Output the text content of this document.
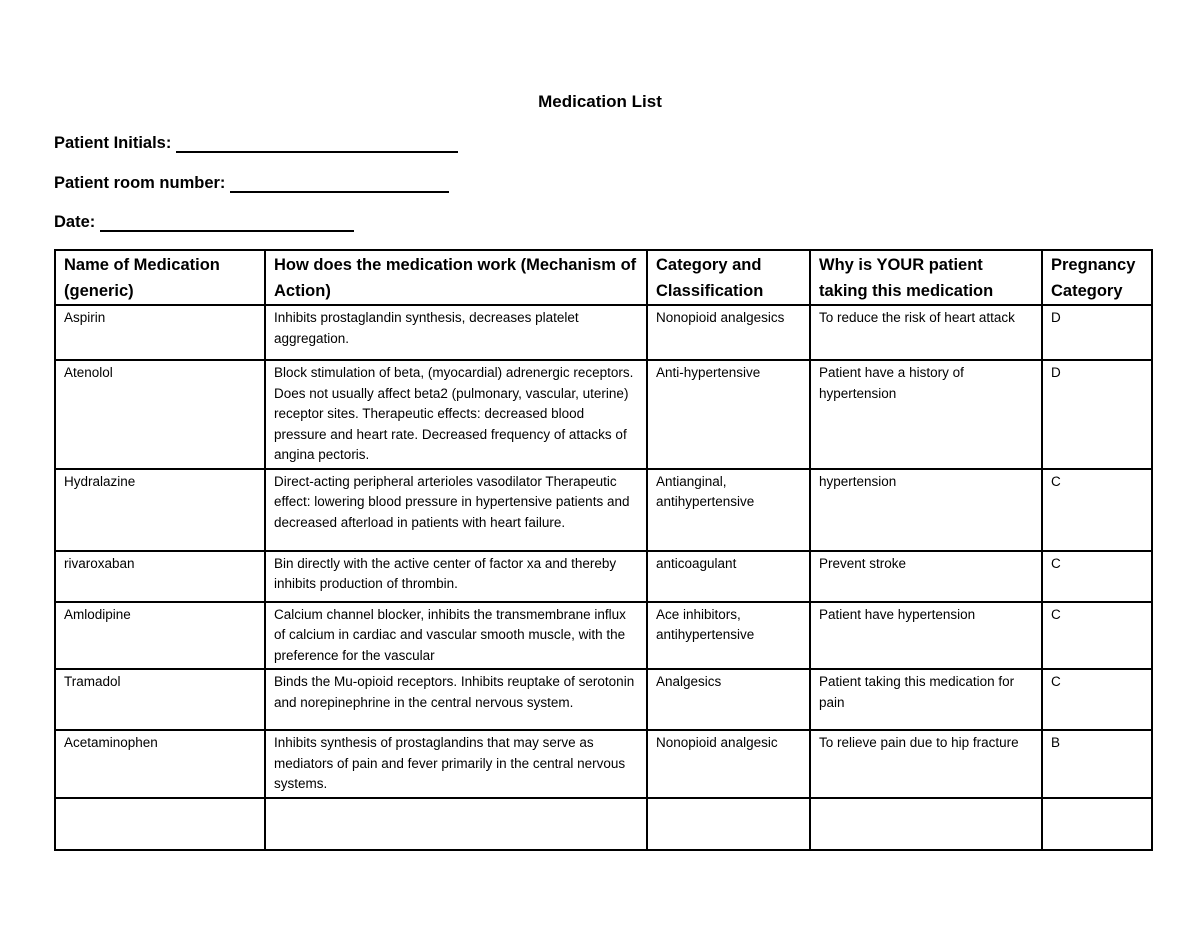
Medication List
Patient Initials:
Patient room number:
Date:
Name of Medication (generic)	How does the medication work (Mechanism of Action)	Category and Classification	Why is YOUR patient taking this medication	Pregnancy Category
Aspirin	Inhibits prostaglandin synthesis, decreases platelet aggregation.	Nonopioid analgesics	To reduce the risk of heart attack	D
Atenolol	Block stimulation of beta, (myocardial) adrenergic receptors. Does not usually affect beta2 (pulmonary, vascular, uterine) receptor sites. Therapeutic effects: decreased blood pressure and heart rate. Decreased frequency of attacks of angina pectoris.	Anti-hypertensive	Patient have a history of hypertension	D
Hydralazine	Direct-acting peripheral arterioles vasodilator Therapeutic effect: lowering blood pressure in hypertensive patients and decreased afterload in patients with heart failure.	Antianginal, antihypertensive	hypertension	C
rivaroxaban	Bin directly with the active center of factor xa and thereby inhibits production of thrombin.	anticoagulant	Prevent stroke	C
Amlodipine	Calcium channel blocker, inhibits the transmembrane influx of calcium in cardiac and vascular smooth muscle, with the preference for the vascular	Ace inhibitors, antihypertensive	Patient have hypertension	C
Tramadol	Binds the Mu-opioid receptors. Inhibits reuptake of serotonin and norepinephrine in the central nervous system.	Analgesics	Patient taking this medication for pain	C
Acetaminophen	Inhibits synthesis of prostaglandins that may serve as mediators of pain and fever primarily in the central nervous systems.	Nonopioid analgesic	To relieve pain due to hip fracture	B
